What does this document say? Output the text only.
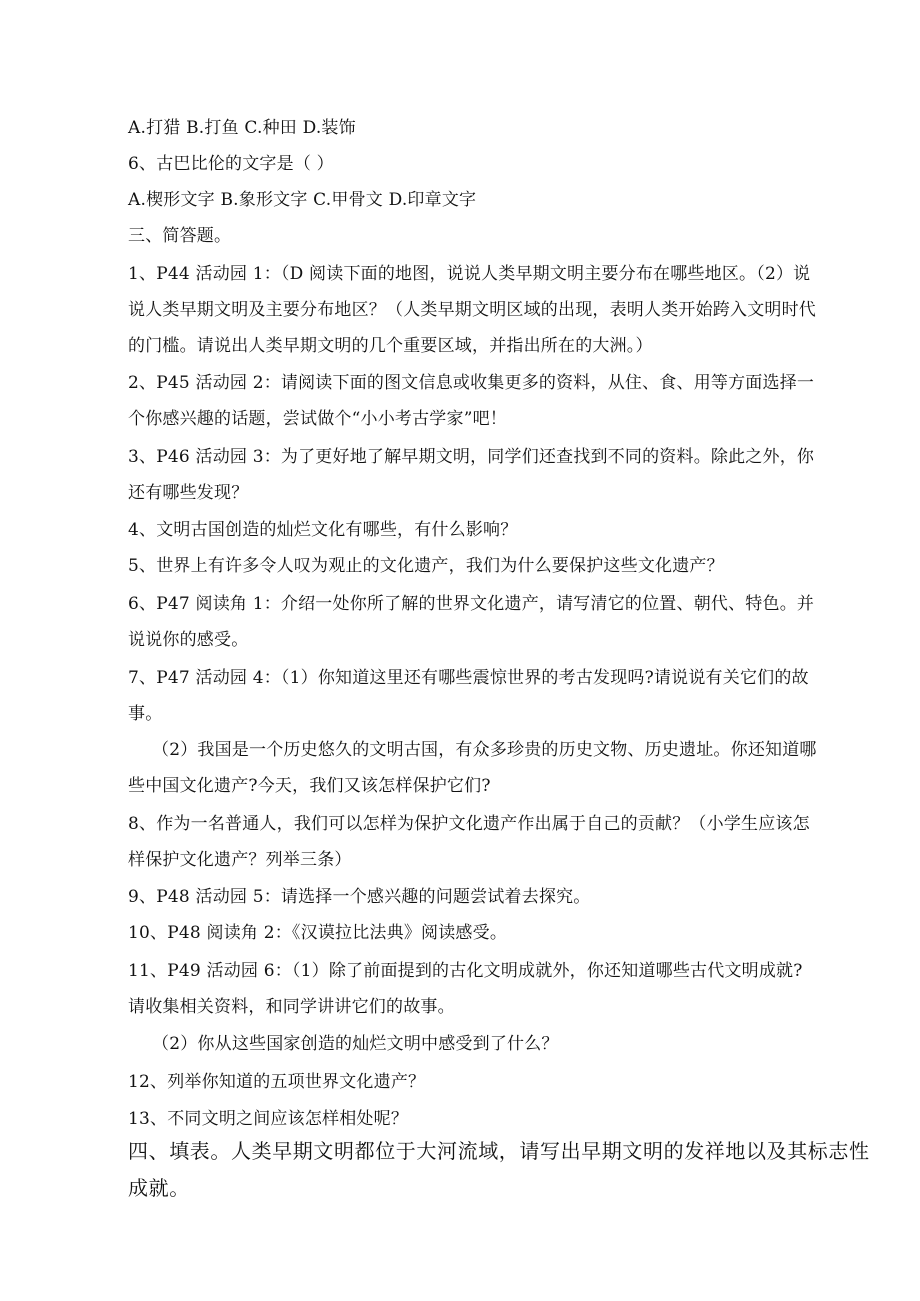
A.打猎 B.打鱼 C.种田 D.装饰
6、古巴比伦的文字是（ ）
A.楔形文字 B.象形文字 C.甲骨文 D.印章文字
三、简答题。
1、P44 活动园 1：（D 阅读下面的地图，说说人类早期文明主要分布在哪些地区。（2）说
说人类早期文明及主要分布地区？（人类早期文明区域的出现，表明人类开始跨入文明时代
的门槛。请说出人类早期文明的几个重要区域，并指出所在的大洲。）
2、P45 活动园 2：请阅读下面的图文信息或收集更多的资料，从住、食、用等方面选择一
个你感兴趣的话题，尝试做个“小小考古学家”吧！
3、P46 活动园 3：为了更好地了解早期文明，同学们还查找到不同的资料。除此之外，你
还有哪些发现？
4、文明古国创造的灿烂文化有哪些，有什么影响？
5、世界上有许多令人叹为观止的文化遗产，我们为什么要保护这些文化遗产？
6、P47 阅读角 1：介绍一处你所了解的世界文化遗产，请写清它的位置、朝代、特色。并
说说你的感受。
7、P47 活动园 4：（1）你知道这里还有哪些震惊世界的考古发现吗?请说说有关它们的故
事。
（2）我国是一个历史悠久的文明古国，有众多珍贵的历史文物、历史遗址。你还知道哪
些中国文化遗产?今天，我们又该怎样保护它们?
8、作为一名普通人，我们可以怎样为保护文化遗产作出属于自己的贡献？（小学生应该怎
样保护文化遗产？列举三条）
9、P48 活动园 5：请选择一个感兴趣的问题尝试着去探究。
10、P48 阅读角 2：《汉谟拉比法典》阅读感受。
11、P49 活动园 6：（1）除了前面提到的古化文明成就外，你还知道哪些古代文明成就?
请收集相关资料，和同学讲讲它们的故事。
（2）你从这些国家创造的灿烂文明中感受到了什么？
12、列举你知道的五项世界文化遗产？
13、不同文明之间应该怎样相处呢？
四、填表。人类早期文明都位于大河流域，请写出早期文明的发祥地以及其标志性
成就。
